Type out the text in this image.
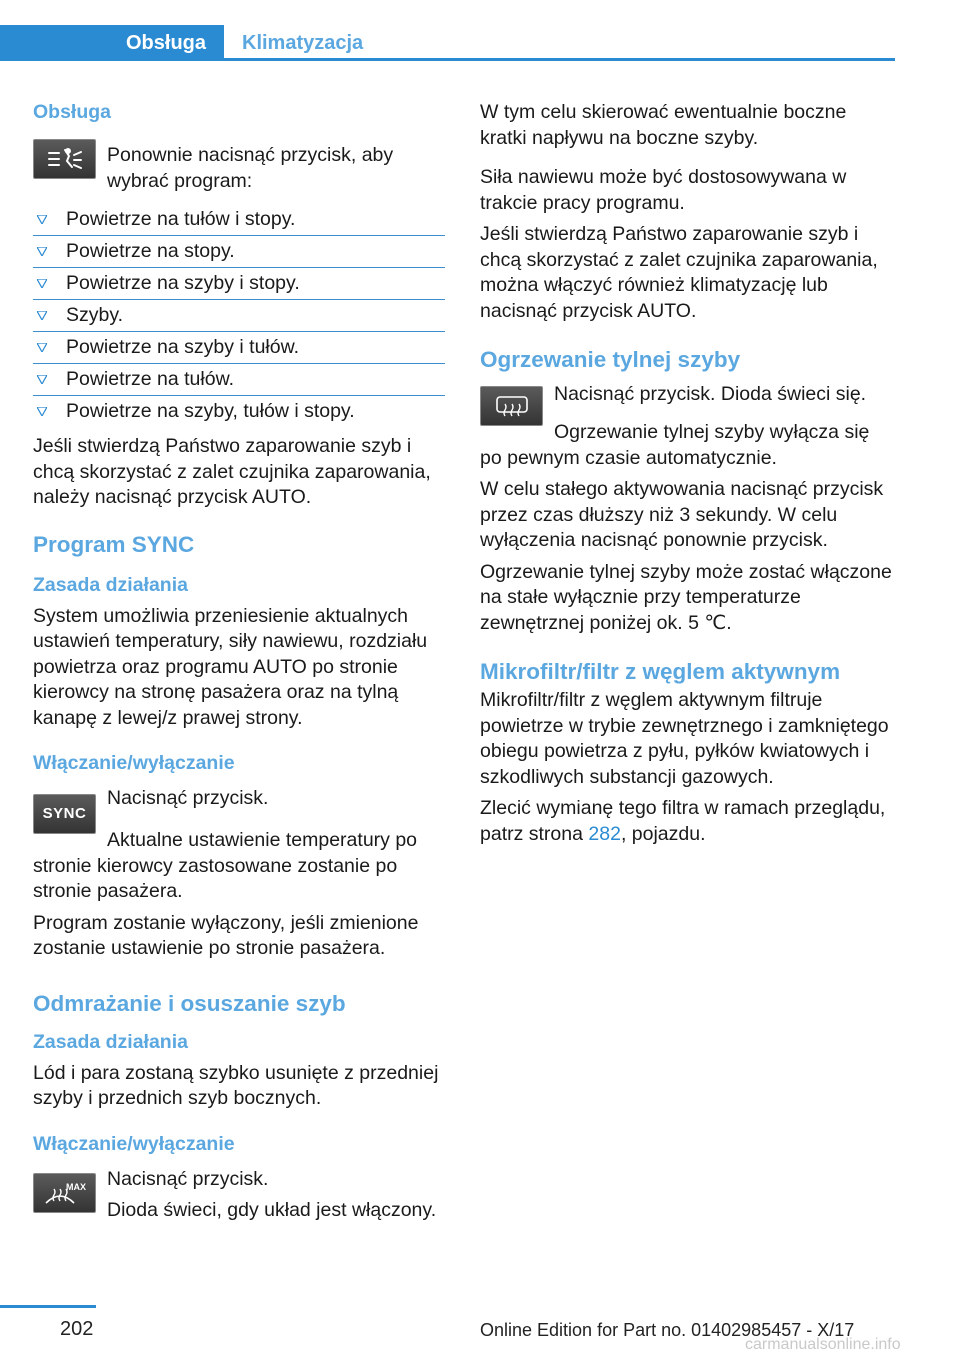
Obsługa	Klimatyzacja
Obsługa

Ponownie nacisnąć przycisk, aby wybrać program:

Powietrze na tułów i stopy.
Powietrze na stopy.
Powietrze na szyby i stopy.
Szyby.
Powietrze na szyby i tułów.
Powietrze na tułów.
Powietrze na szyby, tułów i stopy.

Jeśli stwierdzą Państwo zaparowanie szyb i chcą skorzystać z zalet czujnika zaparowania, należy nacisnąć przycisk AUTO.

Program SYNC
Zasada działania

System umożliwia przeniesienie aktualnych ustawień temperatury, siły nawiewu, rozdziału powietrza oraz programu AUTO po stronie kierowcy na stronę pasażera oraz na tylną kanapę z lewej/z prawej strony.

Włączanie/wyłączanie
SYNC

Nacisnąć przycisk.

Aktualne ustawienie temperatury po stronie kierowcy zastosowane zostanie po stronie pasażera.

Program zostanie wyłączony, jeśli zmienione zostanie ustawienie po stronie pasażera.

Odmrażanie i osuszanie szyb
Zasada działania

Lód i para zostaną szybko usunięte z przedniej szyby i przednich szyb bocznych.

Włączanie/wyłączanie
MAX Nacisnąć przycisk.

Dioda świeci, gdy układ jest włączony.

W tym celu skierować ewentualnie boczne kratki napływu na boczne szyby.

Siła nawiewu może być dostosowywana w trakcie pracy programu.

Jeśli stwierdzą Państwo zaparowanie szyb i chcą skorzystać z zalet czujnika zaparowania, można włączyć również klimatyzację lub nacisnąć przycisk AUTO.

Ogrzewanie tylnej szyby

Nacisnąć przycisk. Dioda świeci się.

Ogrzewanie tylnej szyby wyłącza się po pewnym czasie automatycznie.

W celu stałego aktywowania nacisnąć przycisk przez czas dłuższy niż 3 sekundy. W celu wyłączenia nacisnąć ponownie przycisk.

Ogrzewanie tylnej szyby może zostać włączone na stałe wyłącznie przy temperaturze zewnętrznej poniżej ok. 5 ℃.

Mikrofiltr/filtr z węglem aktywnym

Mikrofiltr/filtr z węglem aktywnym filtruje powietrze w trybie zewnętrznego i zamkniętego obiegu powietrza z pyłu, pyłków kwiatowych i szkodliwych substancji gazowych.

Zlecić wymianę tego filtra w ramach przeglądu, patrz strona 282, pojazdu.

202	Online Edition for Part no. 01402985457 - X/17
carmanualsonline.info
